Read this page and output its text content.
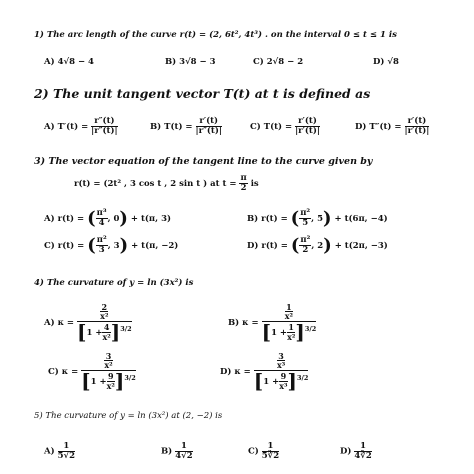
1) The arc length of the curve r(t) = (2, 6t², 4t³) . on the interval 0 ≤ t ≤ 1 is
A) 4√8 − 4	B) 3√8 − 3	C) 2√8 − 2	D) √8
2) The unit tangent vector T(t) at t is defined as
A) $T'(t) = \frac{r''(t)}{|r''(t)|}$	B) $T(t) = \frac{r'(t)}{|r''(t)|}$	C) $T(t) = \frac{r'(t)}{|r'(t)|}$	D) $T''(t) = \frac{r'(t)}{|r'(t)|}$
3) The vector equation of the tangent line to the curve given by
r(t) = (2t² , 3 cos t , 2 sin t ) at $t = \frac{\pi}{2}$ is
A) r(t) = ( $\frac{\text{π³}}{4}$ , 0) + t(π, 3)	B) r(t) = ( $\frac{\text{π²}}{5}$ , 5) + t(6π, −4)
C) r(t) = ( $\frac{\text{π²}}{3}$ , 3) + t(π, −2)	D) r(t) = ( $\frac{\text{π²}}{2}$ , 2) + t(2π, −3)
4) The curvature of y = ln (3x²) is
A) $\kappa = \frac{\frac{2}{\text{x²}}}{[1 + \frac{4}{\text{x²}} ]^{3/2}}$	B) $\kappa = \frac{\frac{1}{\text{x²}}}{[1 + \frac{1}{\text{x²}} ]^{3/2}}$
C) $\kappa = \frac{\frac{3}{\text{x²}}}{[1 + \frac{9}{\text{x²}} ]^{3/2}}$	D) $\kappa = \frac{\frac{3}{\text{x³}}}{[1 + \frac{9}{\text{x³}} ]^{3/2}}$
5) The curvature of y = ln (3x²) at (2, −2) is
$A) \frac{1}{5√2}$	$B) \frac{1}{4√2}$	$C) \frac{1}{5∛2}$	$D) \frac{1}{4∛2}$
